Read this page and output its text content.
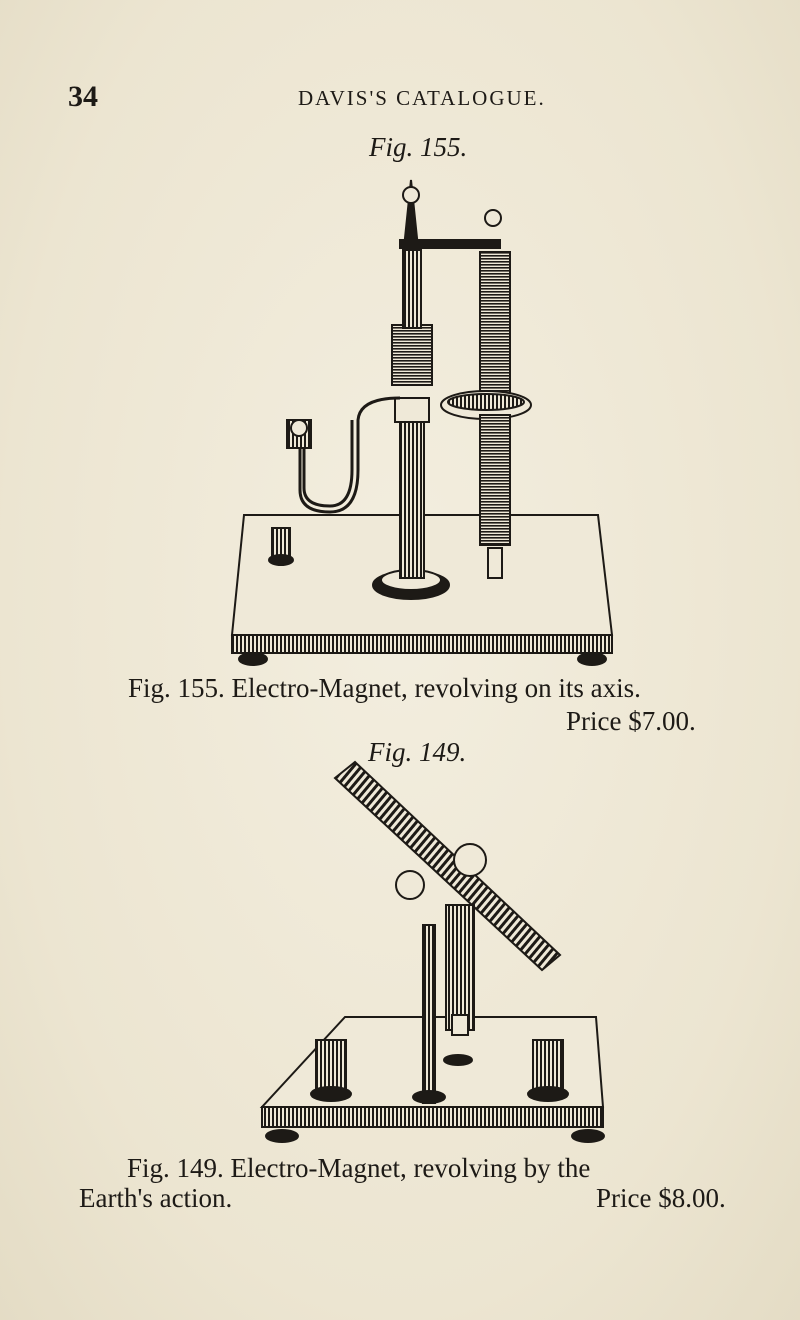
34	DAVIS'S CATALOGUE.
Fig. 155.
Fig. 155. Electro-Magnet, revolving on its axis.
Price $7.00.
Fig. 149.
Fig. 149. Electro-Magnet, revolving by the
Earth's action.	Price $8.00.
